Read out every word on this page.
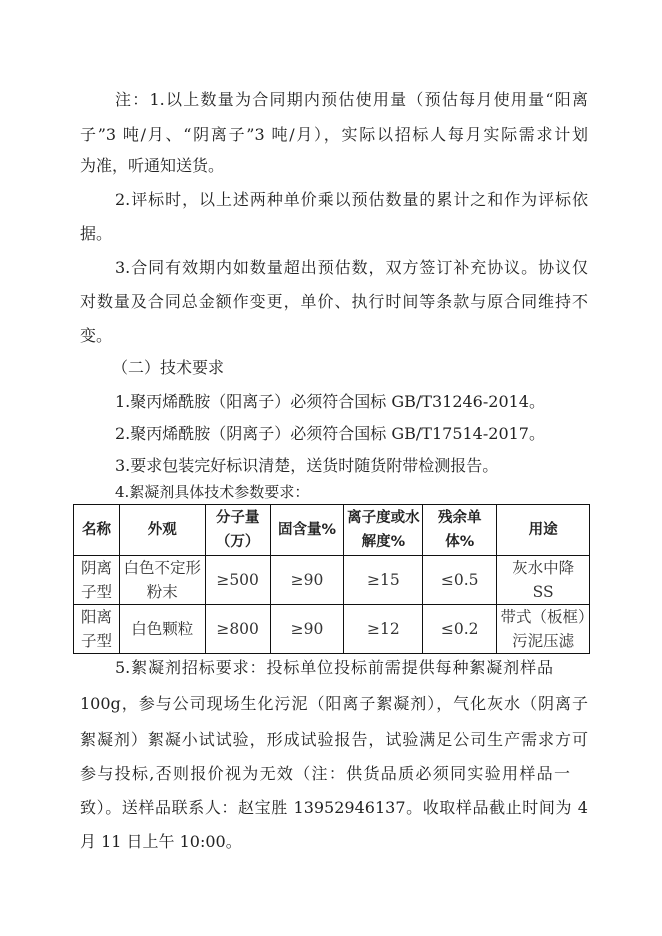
注：1.以上数量为合同期内预估使用量（预估每月使用量“阳离
子”3 吨/月、“阴离子”3 吨/月），实际以招标人每月实际需求计划
为准，听通知送货。
2.评标时，以上述两种单价乘以预估数量的累计之和作为评标依
据。
3.合同有效期内如数量超出预估数，双方签订补充协议。协议仅
对数量及合同总金额作变更，单价、执行时间等条款与原合同维持不
变。
（二）技术要求
1.聚丙烯酰胺（阳离子）必须符合国标 GB/T31246-2014。
2.聚丙烯酰胺（阴离子）必须符合国标 GB/T17514-2017。
3.要求包装完好标识清楚，送货时随货附带检测报告。
4.絮凝剂具体技术参数要求：
名称	外观	分子量（万）	固含量%	离子度或水解度%	残余单体%	用途
阴离子型	白色不定形粉末	≥500	≥90	≥15	≤0.5	灰水中降 SS
阳离子型	白色颗粒	≥800	≥90	≥12	≤0.2	带式（板框）污泥压滤
5.絮凝剂招标要求：投标单位投标前需提供每种絮凝剂样品
100g，参与公司现场生化污泥（阳离子絮凝剂），气化灰水（阴离子
絮凝剂）絮凝小试试验，形成试验报告，试验满足公司生产需求方可
参与投标,否则报价视为无效（注：供货品质必须同实验用样品一
致）。送样品联系人：赵宝胜 13952946137。收取样品截止时间为 4
月 11 日上午 10:00。
